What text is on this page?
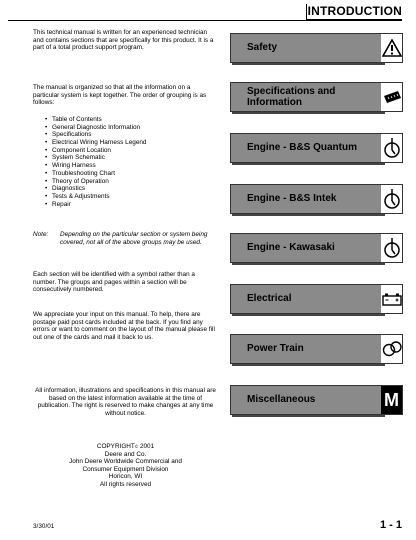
INTRODUCTION

This technical manual is written for an experienced technician and contains sections that are specifically for this product. It is a part of a total product support program.

The manual is organized so that all the information on a particular system is kept together. The order of grouping is as follows:

• Table of Contents
• General Diagnostic Information
• Specifications
• Electrical Wiring Harness Legend
• Component Location
• System Schematic
• Wiring Harness
• Troubleshooting Chart
• Theory of Operation
• Diagnostics
• Tests & Adjustments
• Repair
Note:	Depending on the particular section or system being covered, not all of the above groups may be used.

Each section will be identified with a symbol rather than a number. The groups and pages within a section will be consecutively numbered.

We appreciate your input on this manual. To help, there are postage paid post cards included at the back. If you find any errors or want to comment on the layout of the manual please fill out one of the cards and mail it back to us.

All information, illustrations and specifications in this manual are based on the latest information available at the time of publication. The right is reserved to make changes at any time without notice.
COPYRIGHT© 2001
Deere and Co.
John Deere Worldwide Commercial and
Consumer Equipment Division
Horicon, WI
All rights reserved
3/30/01	1 - 1
Safety
Specifications and Information
Engine - B&S Quantum
Engine - B&S Intek
Engine - Kawasaki
Electrical
Power Train
Miscellaneous	M
